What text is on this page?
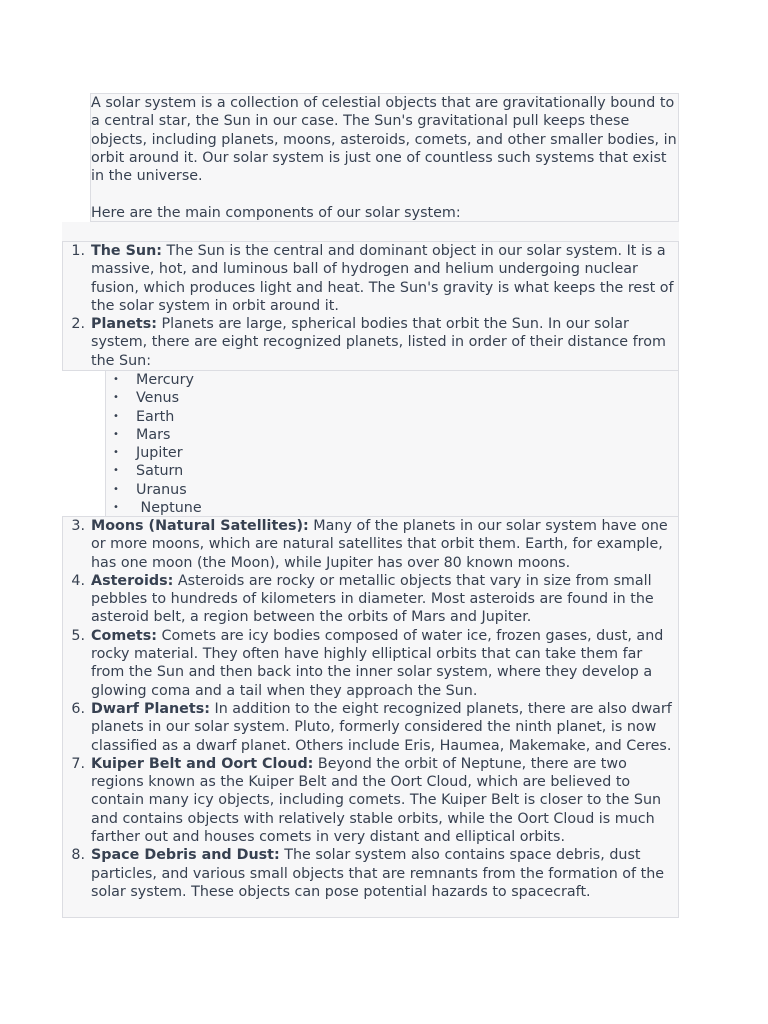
A solar system is a collection of celestial objects that are gravitationally bound to a central star, the Sun in our case. The Sun's gravitational pull keeps these objects, including planets, moons, asteroids, comets, and other smaller bodies, in orbit around it. Our solar system is just one of countless such systems that exist in the universe.

Here are the main components of our solar system:

1. The Sun: The Sun is the central and dominant object in our solar system. It is a massive, hot, and luminous ball of hydrogen and helium undergoing nuclear fusion, which produces light and heat. The Sun's gravity is what keeps the rest of the solar system in orbit around it.
2. Planets: Planets are large, spherical bodies that orbit the Sun. In our solar system, there are eight recognized planets, listed in order of their distance from the Sun:
• Mercury
• Venus
• Earth
• Mars
• Jupiter
• Saturn
• Uranus
•  Neptune
3. Moons (Natural Satellites): Many of the planets in our solar system have one or more moons, which are natural satellites that orbit them. Earth, for example, has one moon (the Moon), while Jupiter has over 80 known moons.
4. Asteroids: Asteroids are rocky or metallic objects that vary in size from small pebbles to hundreds of kilometers in diameter. Most asteroids are found in the asteroid belt, a region between the orbits of Mars and Jupiter.
5. Comets: Comets are icy bodies composed of water ice, frozen gases, dust, and rocky material. They often have highly elliptical orbits that can take them far from the Sun and then back into the inner solar system, where they develop a glowing coma and a tail when they approach the Sun.
6. Dwarf Planets: In addition to the eight recognized planets, there are also dwarf planets in our solar system. Pluto, formerly considered the ninth planet, is now classified as a dwarf planet. Others include Eris, Haumea, Makemake, and Ceres.
7. Kuiper Belt and Oort Cloud: Beyond the orbit of Neptune, there are two regions known as the Kuiper Belt and the Oort Cloud, which are believed to contain many icy objects, including comets. The Kuiper Belt is closer to the Sun and contains objects with relatively stable orbits, while the Oort Cloud is much farther out and houses comets in very distant and elliptical orbits.
8. Space Debris and Dust: The solar system also contains space debris, dust particles, and various small objects that are remnants from the formation of the solar system. These objects can pose potential hazards to spacecraft.
